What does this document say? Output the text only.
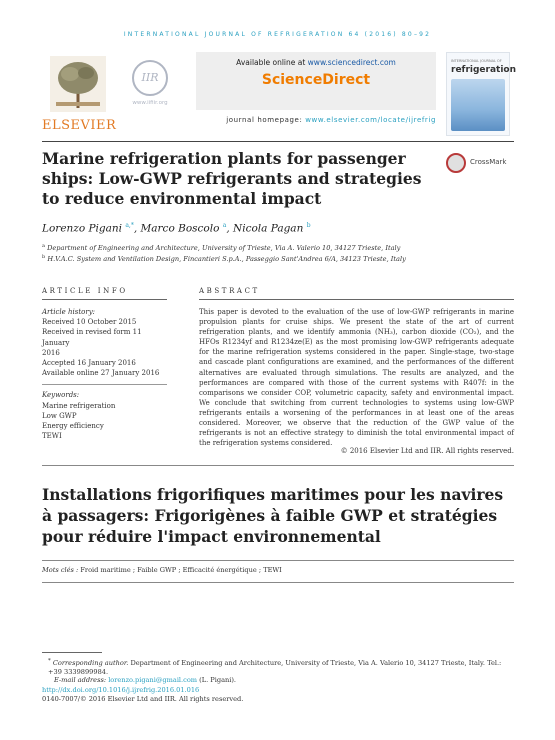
INTERNATIONAL JOURNAL OF REFRIGERATION 64 (2016) 80–92
ELSEVIER
IIR
www.iifiir.org
Available online at www.sciencedirect.com
ScienceDirect
journal homepage: www.elsevier.com/locate/ijrefrig
INTERNATIONAL JOURNAL OF
refrigeration
Marine refrigeration plants for passenger ships: Low-GWP refrigerants and strategies to reduce environmental impact
CrossMark
Lorenzo Pigani $^{a,*}$, Marco Boscolo $^a$, Nicola Pagan $^b$
$^a$ Department of Engineering and Architecture, University of Trieste, Via A. Valerio 10, 34127 Trieste, Italy
$^b$ H.V.A.C. System and Ventilation Design, Fincantieri S.p.A., Passeggio Sant'Andrea 6/A, 34123 Trieste, Italy
ARTICLE INFO	ABSTRACT
Article history:
Received 10 October 2015
Received in revised form 11 January
2016
Accepted 16 January 2016
Available online 27 January 2016
Keywords:
Marine refrigeration
Low GWP
Energy efficiency
TEWI
This paper is devoted to the evaluation of the use of low-GWP refrigerants in marine propulsion plants for cruise ships. We present the state of the art of current refrigeration plants, and we identify ammonia (NH₃), carbon dioxide (CO₂), and the HFOs R1234yf and R1234ze(E) as the most promising low-GWP refrigerants adequate for the marine refrigeration systems considered in the paper. Single-stage, two-stage and cascade plant configurations are examined, and the performances of the different alternatives are evaluated through simulations. The results are analyzed, and the performances are compared with those of the current systems with R407f: in the comparisons we consider COP, volumetric capacity, safety and environmental impact. We conclude that switching from current technologies to systems using low-GWP refrigerants entails a worsening of the performances in at least one of the areas considered. Moreover, we observe that the reduction of the GWP value of the refrigerants is not an effective strategy to diminish the total environmental impact of the refrigeration systems considered.
© 2016 Elsevier Ltd and IIR. All rights reserved.
Installations frigorifiques maritimes pour les navires à passagers: Frigorigènes à faible GWP et stratégies pour réduire l'impact environnemental
Mots clés : Froid maritime ; Faible GWP ; Efficacité énergétique ; TEWI
* Corresponding author. Department of Engineering and Architecture, University of Trieste, Via A. Valerio 10, 34127 Trieste, Italy. Tel.: +39 3339899984.
E-mail address: lorenzo.pigani@gmail.com (L. Pigani).
http://dx.doi.org/10.1016/j.ijrefrig.2016.01.016
0140-7007/© 2016 Elsevier Ltd and IIR. All rights reserved.
